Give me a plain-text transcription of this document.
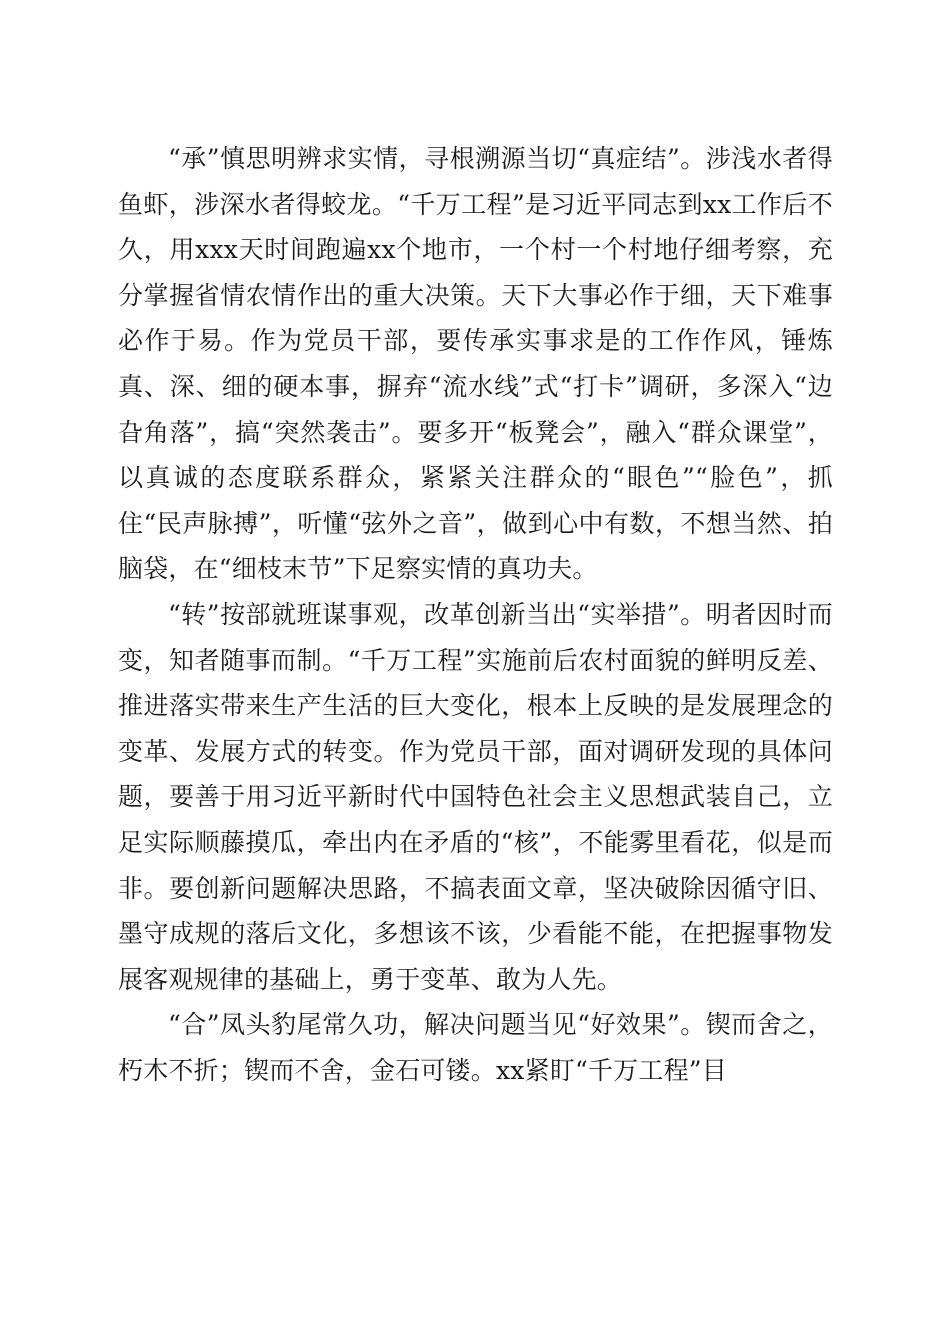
“承”慎思明辨求实情，寻根溯源当切“真症结”。涉浅水者得鱼虾，涉深水者得蛟龙。“千万工程”是习近平同志到xx工作后不久，用xxx天时间跑遍xx个地市，一个村一个村地仔细考察，充分掌握省情农情作出的重大决策。天下大事必作于细，天下难事必作于易。作为党员干部，要传承实事求是的工作作风，锤炼真、深、细的硬本事，摒弃“流水线”式“打卡”调研，多深入“边旮角落”，搞“突然袭击”。要多开“板凳会”，融入“群众课堂”，以真诚的态度联系群众，紧紧关注群众的“眼色”“脸色”，抓住“民声脉搏”，听懂“弦外之音”，做到心中有数，不想当然、拍脑袋，在“细枝末节”下足察实情的真功夫。

“转”按部就班谋事观，改革创新当出“实举措”。明者因时而变，知者随事而制。“千万工程”实施前后农村面貌的鲜明反差、推进落实带来生产生活的巨大变化，根本上反映的是发展理念的变革、发展方式的转变。作为党员干部，面对调研发现的具体问题，要善于用习近平新时代中国特色社会主义思想武装自己，立足实际顺藤摸瓜，牵出内在矛盾的“核”，不能雾里看花，似是而非。要创新问题解决思路，不搞表面文章，坚决破除因循守旧、墨守成规的落后文化，多想该不该，少看能不能，在把握事物发展客观规律的基础上，勇于变革、敢为人先。

“合”凤头豹尾常久功，解决问题当见“好效果”。锲而舍之，朽木不折；锲而不舍，金石可镂。xx紧盯“千万工程”目
